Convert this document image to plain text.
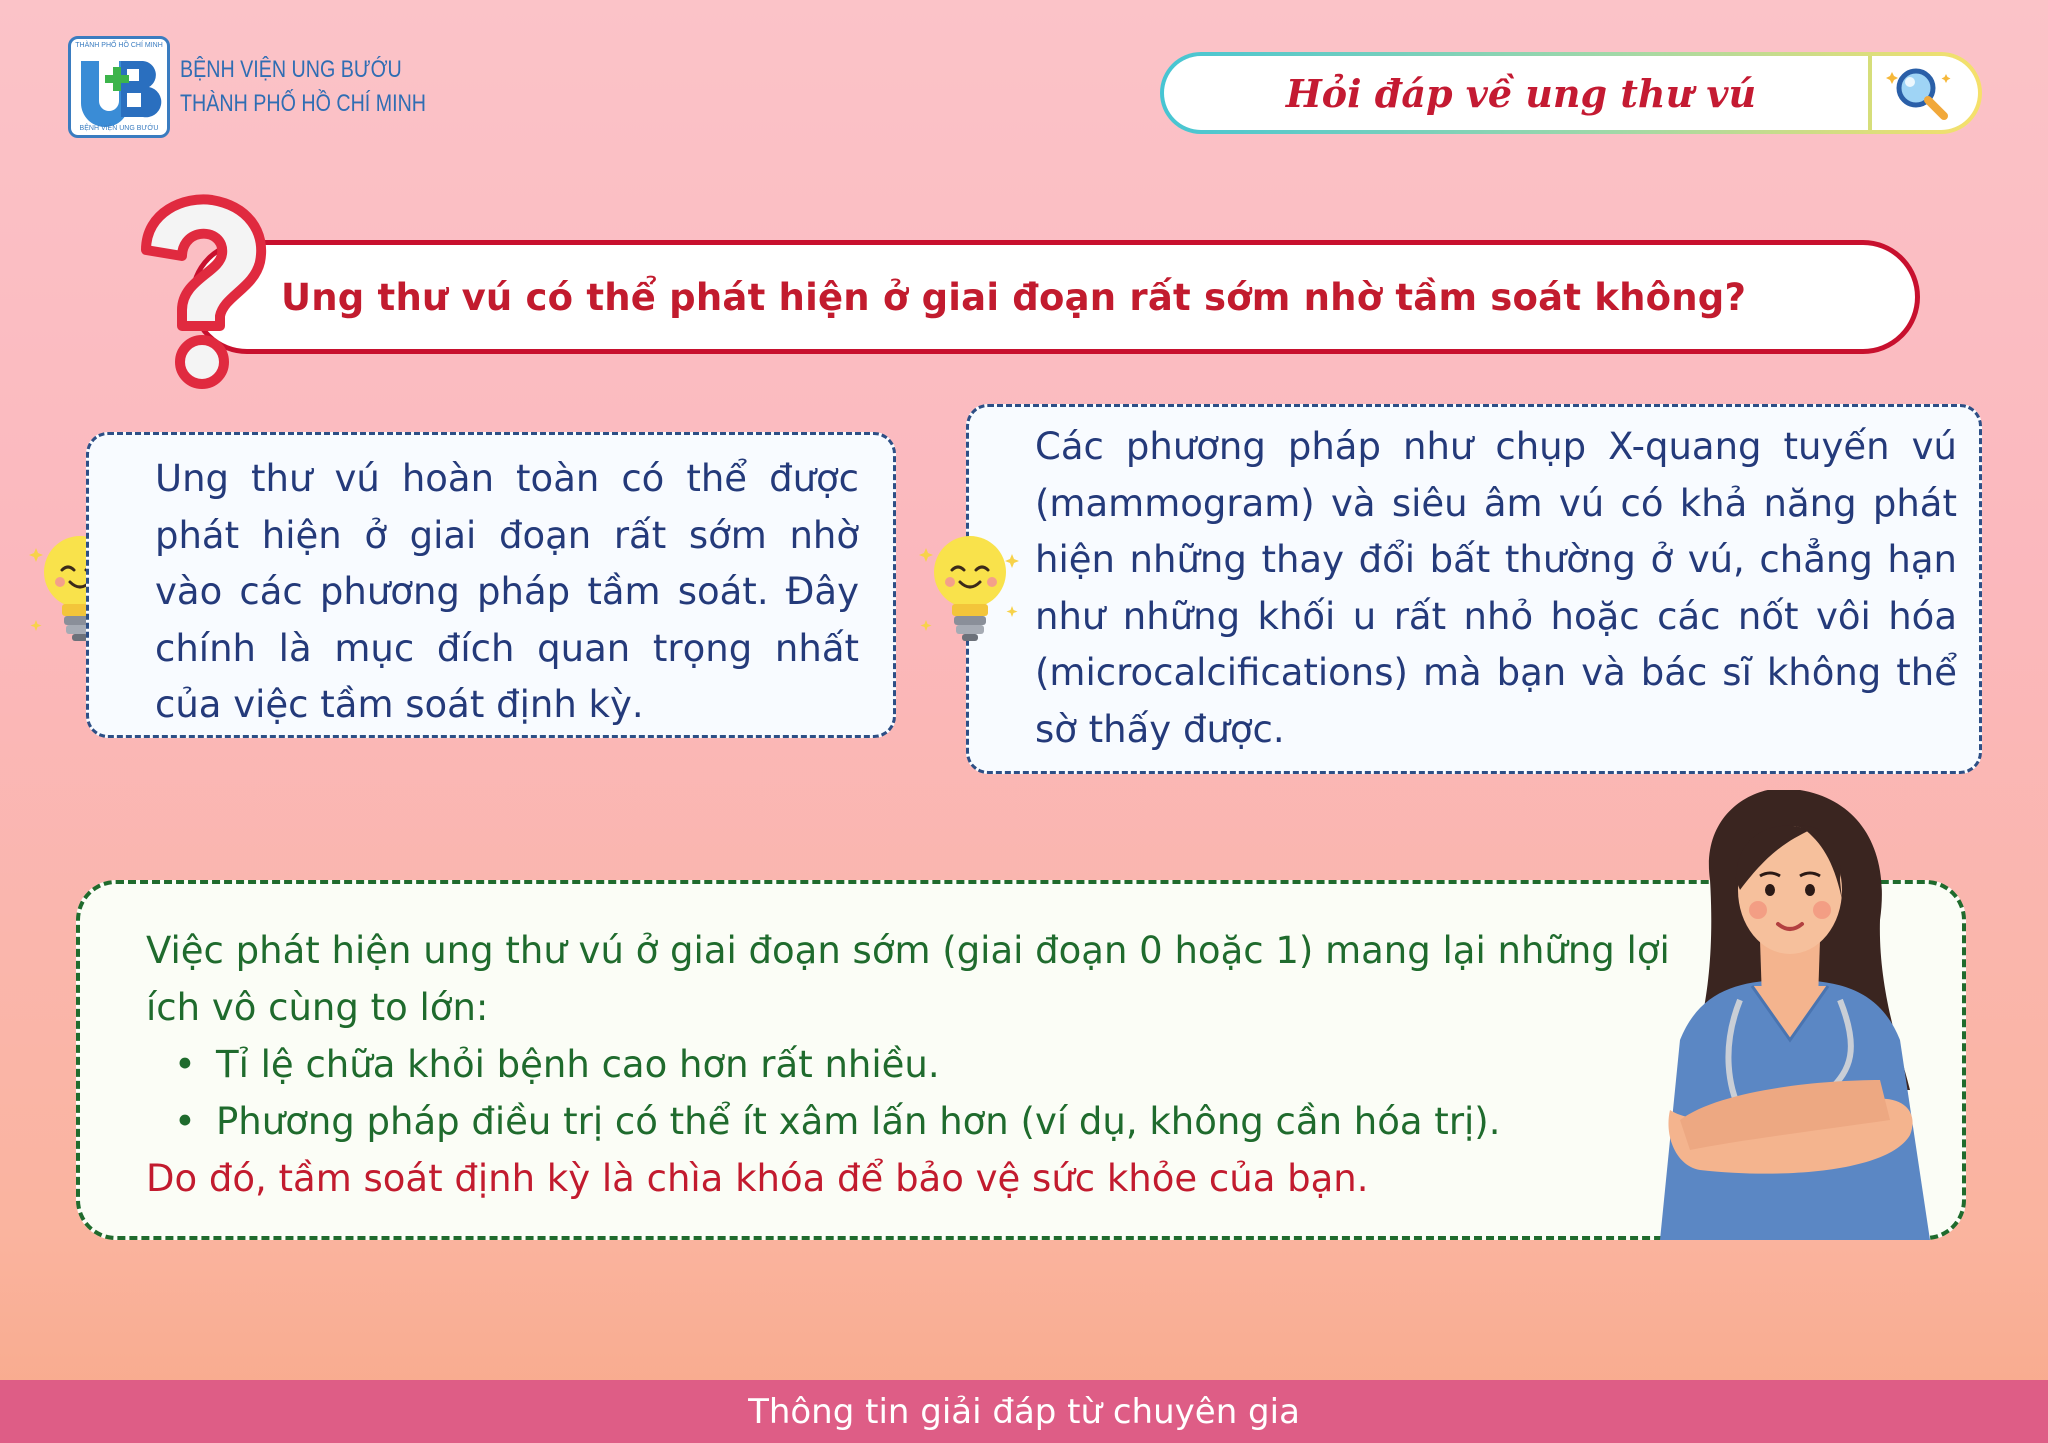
THÀNH PHỐ HỒ CHÍ MINH
BỆNH VIỆN UNG BƯỚU
BỆNH VIỆN UNG BƯỚU
THÀNH PHỐ HỒ CHÍ MINH	Hỏi đáp về ung thư vú
Ung thư vú có thể phát hiện ở giai đoạn rất sớm nhờ tầm soát không?

Ung thư vú hoàn toàn có thể được phát hiện ở giai đoạn rất sớm nhờ vào các phương pháp tầm soát. Đây chính là mục đích quan trọng nhất của việc tầm soát định kỳ.

Các phương pháp như chụp X-quang tuyến vú (mammogram) và siêu âm vú có khả năng phát hiện những thay đổi bất thường ở vú, chẳng hạn như những khối u rất nhỏ hoặc các nốt vôi hóa (microcalcifications) mà bạn và bác sĩ không thể sờ thấy được.

Việc phát hiện ung thư vú ở giai đoạn sớm (giai đoạn 0 hoặc 1) mang lại những lợi ích vô cùng to lớn:

• Tỉ lệ chữa khỏi bệnh cao hơn rất nhiều.
• Phương pháp điều trị có thể ít xâm lấn hơn (ví dụ, không cần hóa trị).

Do đó, tầm soát định kỳ là chìa khóa để bảo vệ sức khỏe của bạn.

Thông tin giải đáp từ chuyên gia
